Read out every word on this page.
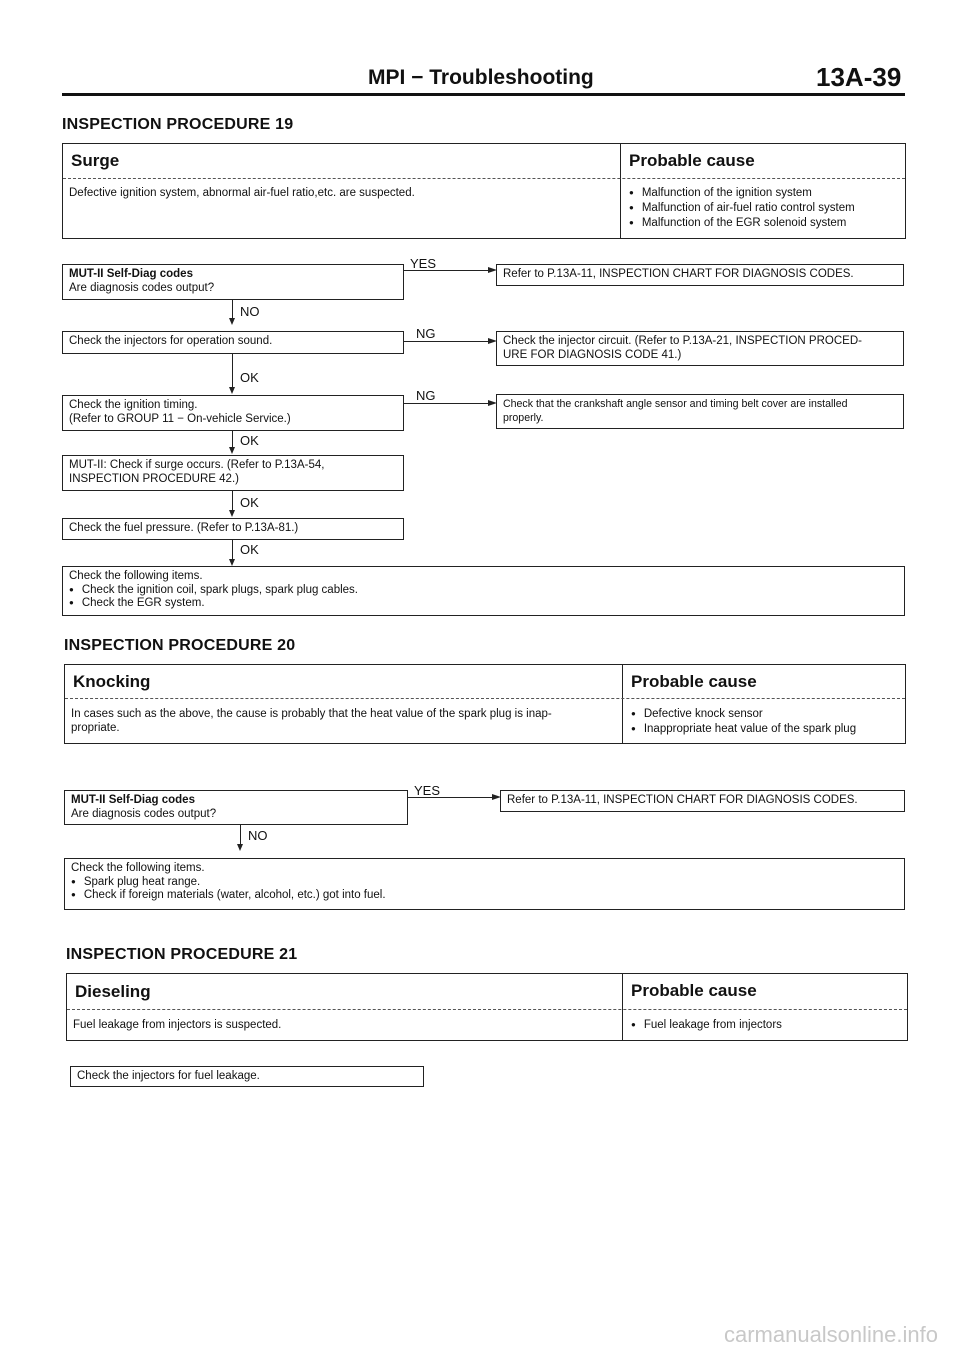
MPI − Troubleshooting	13A-39
INSPECTION PROCEDURE 19
Surge	Probable cause
Defective ignition system, abnormal air-fuel ratio,etc. are suspected.	● Malfunction of the ignition system
● Malfunction of air-fuel ratio control system
● Malfunction of the EGR solenoid system
MUT-II Self-Diag codes
Are diagnosis codes output?
YES
Refer to P.13A-11, INSPECTION CHART FOR DIAGNOSIS CODES.
NO
Check the injectors for operation sound.	NG	Check the injector circuit. (Refer to P.13A-21, INSPECTION PROCED-
URE FOR DIAGNOSIS CODE 41.)
OK
Check the ignition timing.
(Refer to GROUP 11 − On-vehicle Service.)
NG
Check that the crankshaft angle sensor and timing belt cover are installed
properly.
OK
MUT-II: Check if surge occurs. (Refer to P.13A-54,
INSPECTION PROCEDURE 42.)
OK
Check the fuel pressure. (Refer to P.13A-81.)
OK
Check the following items.
● Check the ignition coil, spark plugs, spark plug cables.
● Check the EGR system.
INSPECTION PROCEDURE 20
Knocking	Probable cause
In cases such as the above, the cause is probably that the heat value of the spark plug is inap-
propriate.
● Defective knock sensor
● Inappropriate heat value of the spark plug
MUT-II Self-Diag codes
Are diagnosis codes output?
YES
Refer to P.13A-11, INSPECTION CHART FOR DIAGNOSIS CODES.
NO
Check the following items.
● Spark plug heat range.
● Check if foreign materials (water, alcohol, etc.) got into fuel.
INSPECTION PROCEDURE 21
Dieseling	Probable cause
Fuel leakage from injectors is suspected.	● Fuel leakage from injectors
Check the injectors for fuel leakage.
carmanualsonline.info
